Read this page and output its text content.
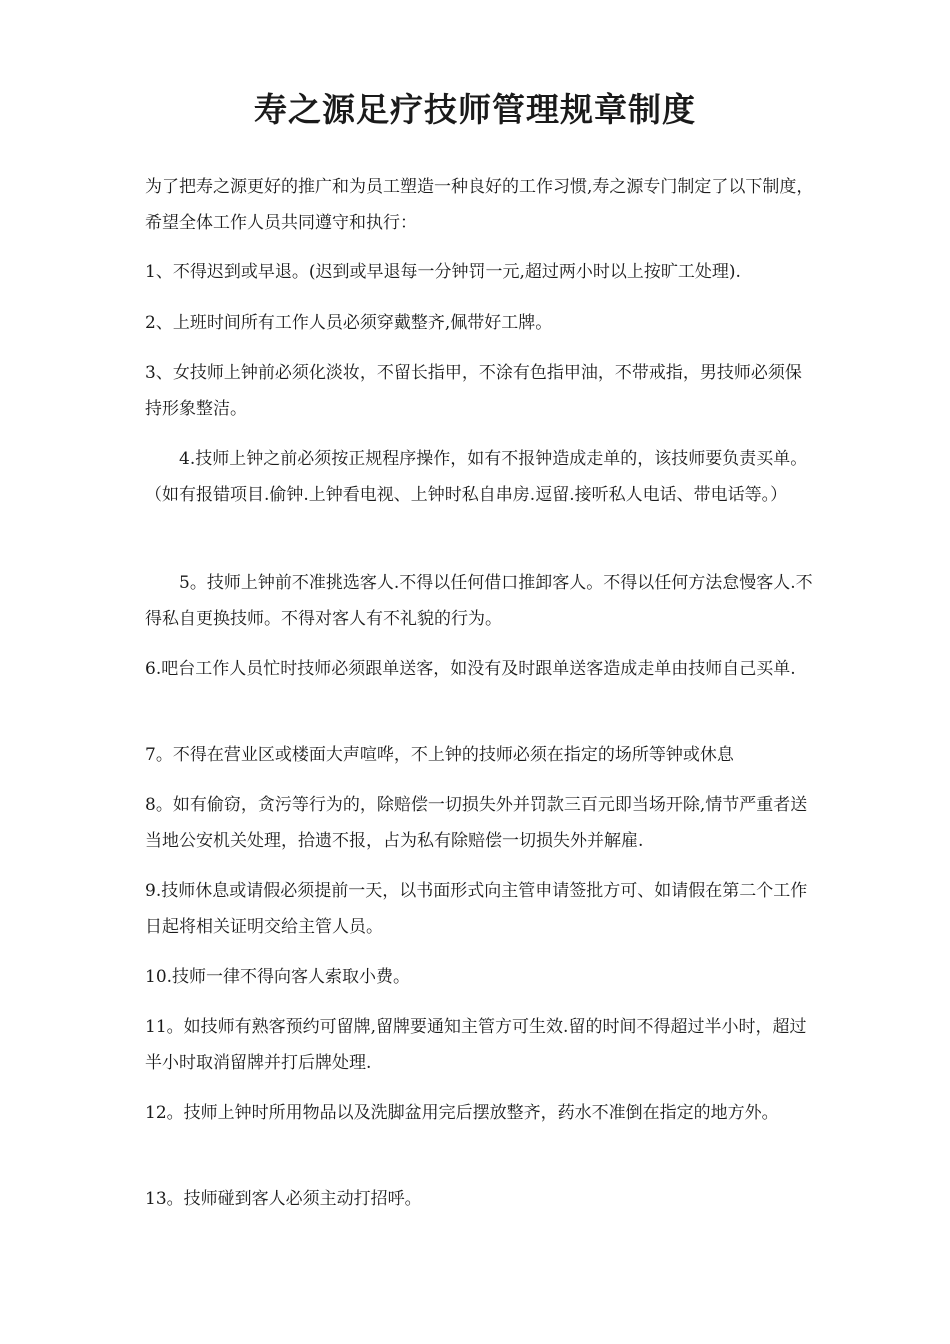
寿之源足疗技师管理规章制度

为了把寿之源更好的推广和为员工塑造一种良好的工作习惯,寿之源专门制定了以下制度，希望全体工作人员共同遵守和执行：

1、不得迟到或早退。(迟到或早退每一分钟罚一元,超过两小时以上按旷工处理).

2、上班时间所有工作人员必须穿戴整齐,佩带好工牌。

3、女技师上钟前必须化淡妆，不留长指甲，不涂有色指甲油，不带戒指，男技师必须保持形象整洁。

4.技师上钟之前必须按正规程序操作，如有不报钟造成走单的，该技师要负责买单。（如有报错项目.偷钟.上钟看电视、上钟时私自串房.逗留.接听私人电话、带电话等。）

5。技师上钟前不准挑选客人.不得以任何借口推卸客人。不得以任何方法怠慢客人.不得私自更换技师。不得对客人有不礼貌的行为。

6.吧台工作人员忙时技师必须跟单送客，如没有及时跟单送客造成走单由技师自己买单.

7。不得在营业区或楼面大声喧哗，不上钟的技师必须在指定的场所等钟或休息

8。如有偷窃，贪污等行为的，除赔偿一切损失外并罚款三百元即当场开除,情节严重者送当地公安机关处理，拾遗不报，占为私有除赔偿一切损失外并解雇.

9.技师休息或请假必须提前一天，以书面形式向主管申请签批方可、如请假在第二个工作日起将相关证明交给主管人员。

10.技师一律不得向客人索取小费。

11。如技师有熟客预约可留牌,留牌要通知主管方可生效.留的时间不得超过半小时，超过半小时取消留牌并打后牌处理.

12。技师上钟时所用物品以及洗脚盆用完后摆放整齐，药水不准倒在指定的地方外。

13。技师碰到客人必须主动打招呼。
